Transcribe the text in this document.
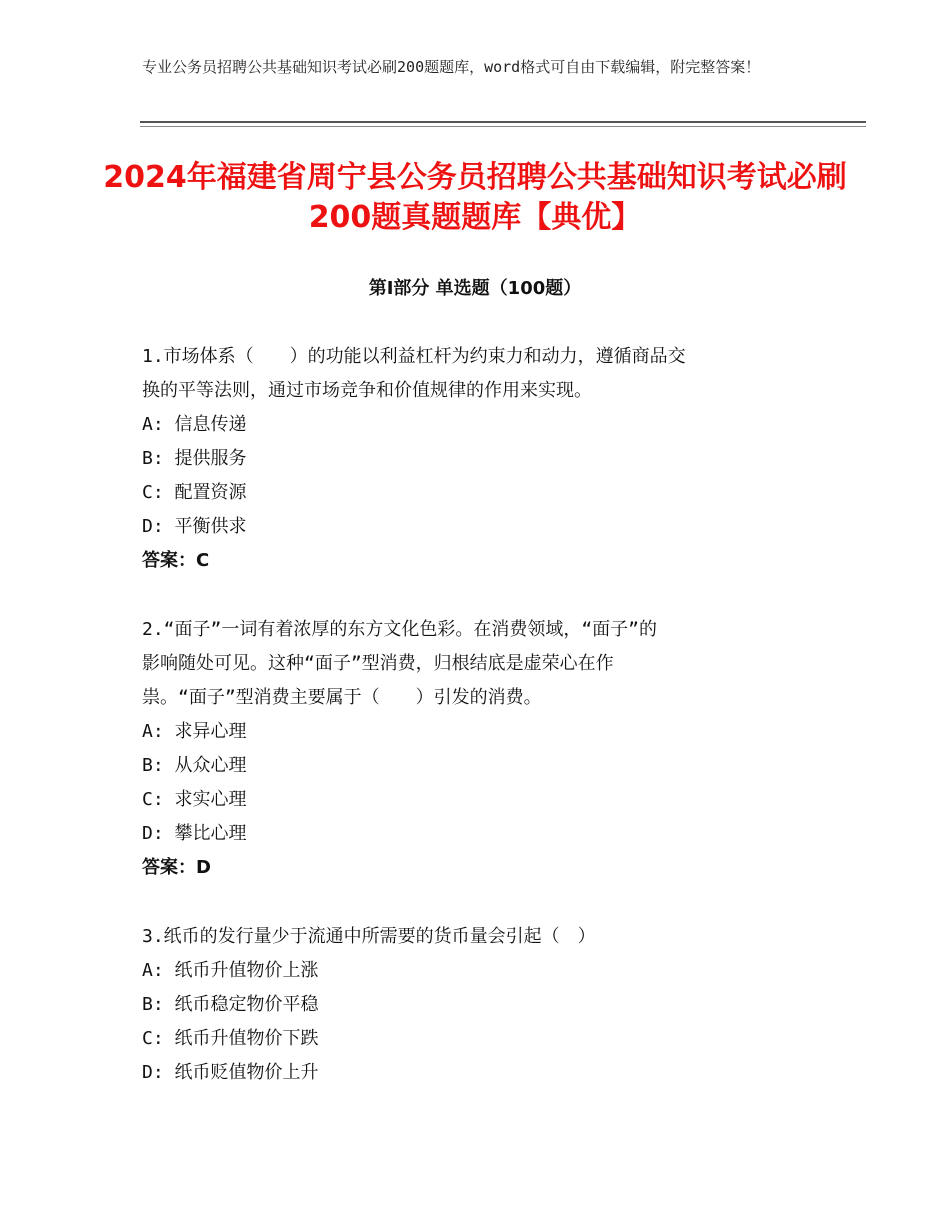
专业公务员招聘公共基础知识考试必刷200题题库，word格式可自由下载编辑，附完整答案！
2024年福建省周宁县公务员招聘公共基础知识考试必刷200题真题题库【典优】
第Ⅰ部分 单选题（100题）
1.市场体系（　　）的功能以利益杠杆为约束力和动力，遵循商品交
换的平等法则，通过市场竞争和价值规律的作用来实现。
A: 信息传递
B: 提供服务
C: 配置资源
D: 平衡供求
答案：C
2.“面子”一词有着浓厚的东方文化色彩。在消费领域，“面子”的
影响随处可见。这种“面子”型消费，归根结底是虚荣心在作
祟。“面子”型消费主要属于（　　）引发的消费。
A: 求异心理
B: 从众心理
C: 求实心理
D: 攀比心理
答案：D
3.纸币的发行量少于流通中所需要的货币量会引起（　）
A: 纸币升值物价上涨
B: 纸币稳定物价平稳
C: 纸币升值物价下跌
D: 纸币贬值物价上升
